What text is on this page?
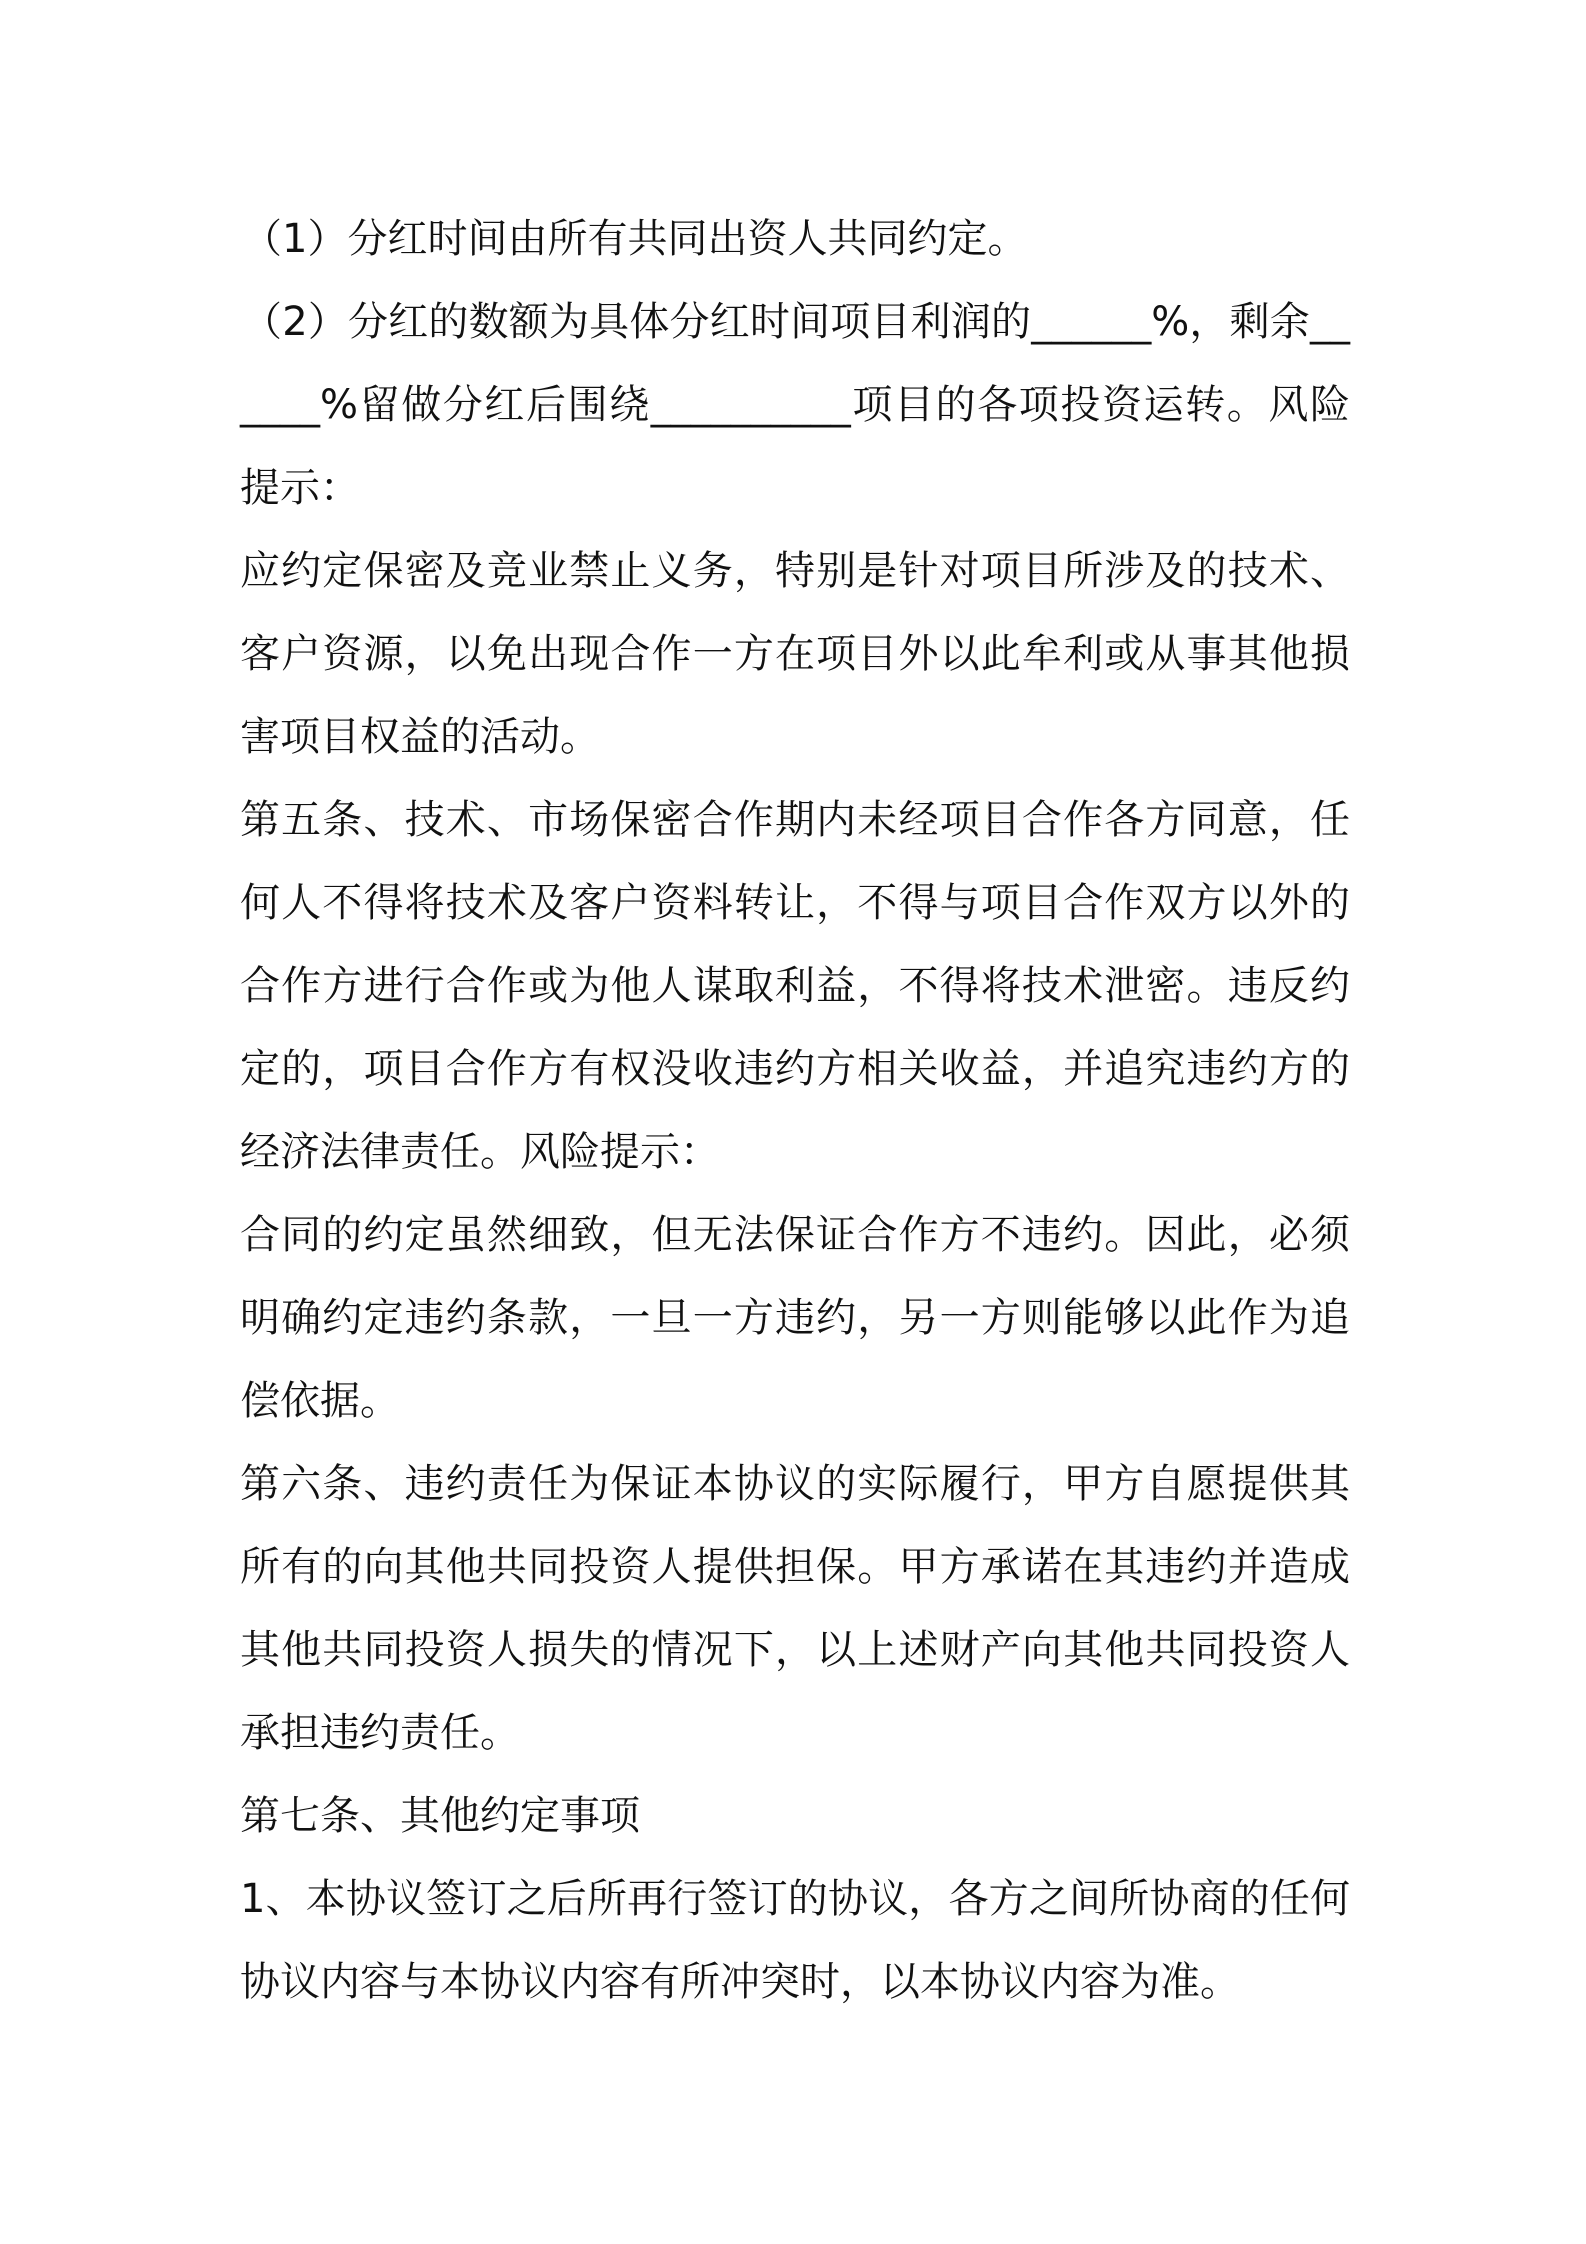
（1）分红时间由所有共同出资人共同约定。

（2）分红的数额为具体分红时间项目利润的______%，剩余______%留做分红后围绕__________项目的各项投资运转。风险提示：

应约定保密及竞业禁止义务，特别是针对项目所涉及的技术、客户资源，以免出现合作一方在项目外以此牟利或从事其他损害项目权益的活动。

第五条、技术、市场保密合作期内未经项目合作各方同意，任何人不得将技术及客户资料转让，不得与项目合作双方以外的合作方进行合作或为他人谋取利益，不得将技术泄密。违反约定的，项目合作方有权没收违约方相关收益，并追究违约方的经济法律责任。风险提示：

合同的约定虽然细致，但无法保证合作方不违约。因此，必须明确约定违约条款，一旦一方违约，另一方则能够以此作为追偿依据。

第六条、违约责任为保证本协议的实际履行，甲方自愿提供其所有的向其他共同投资人提供担保。甲方承诺在其违约并造成其他共同投资人损失的情况下，以上述财产向其他共同投资人承担违约责任。

第七条、其他约定事项

1、本协议签订之后所再行签订的协议，各方之间所协商的任何协议内容与本协议内容有所冲突时，以本协议内容为准。
